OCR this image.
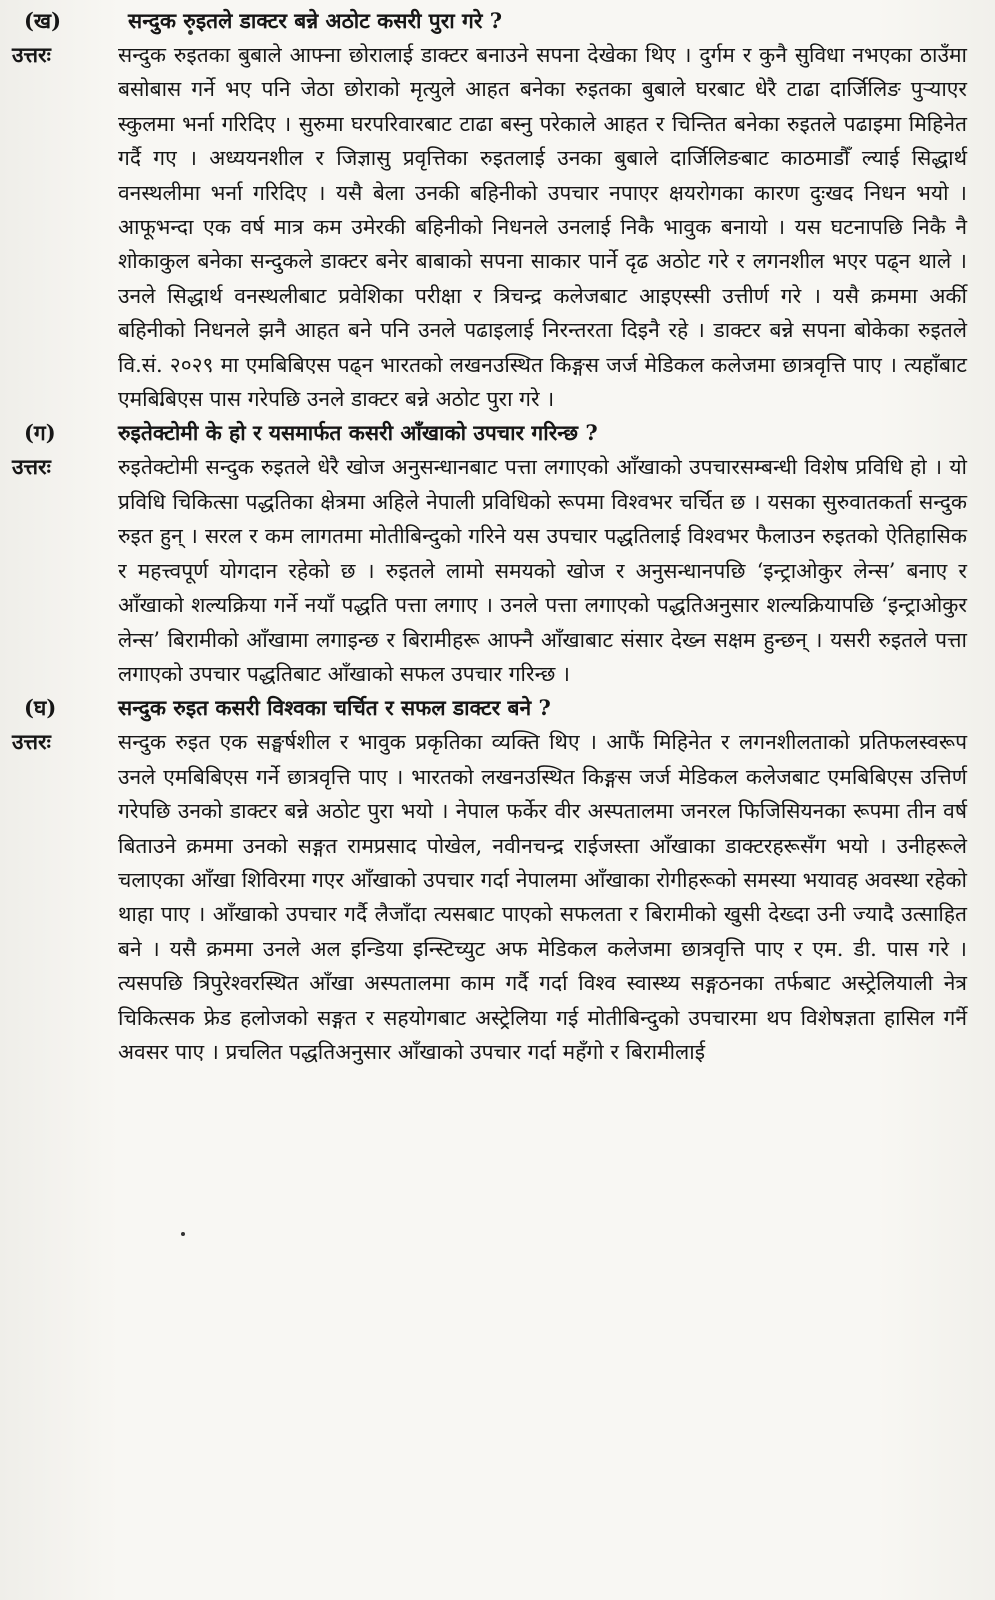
(ख)	सन्दुक रुइतले डाक्टर बन्ने अठोट कसरी पुरा गरे ?
उत्तरः	सन्दुक रुइतका बुबाले आफ्ना छोरालाई डाक्टर बनाउने सपना देखेका थिए । दुर्गम र कुनै सुविधा नभएका ठाउँमा बसोबास गर्ने भए पनि जेठा छोराको मृत्युले आहत बनेका रुइतका बुबाले घरबाट धेरै टाढा दार्जिलिङ पुऱ्याएर स्कुलमा भर्ना गरिदिए । सुरुमा घरपरिवारबाट टाढा बस्नु परेकाले आहत र चिन्तित बनेका रुइतले पढाइमा मिहिनेत गर्दै गए । अध्ययनशील र जिज्ञासु प्रवृत्तिका रुइतलाई उनका बुबाले दार्जिलिङबाट काठमाडौँ ल्याई सिद्धार्थ वनस्थलीमा भर्ना गरिदिए । यसै बेला उनकी बहिनीको उपचार नपाएर क्षयरोगका कारण दुःखद निधन भयो । आफूभन्दा एक वर्ष मात्र कम उमेरकी बहिनीको निधनले उनलाई निकै भावुक बनायो । यस घटनापछि निकै नै शोकाकुल बनेका सन्दुकले डाक्टर बनेर बाबाको सपना साकार पार्ने दृढ अठोट गरे र लगनशील भएर पढ्न थाले । उनले सिद्धार्थ वनस्थलीबाट प्रवेशिका परीक्षा र त्रिचन्द्र कलेजबाट आइएस्सी उत्तीर्ण गरे । यसै क्रममा अर्की बहिनीको निधनले झनै आहत बने पनि उनले पढाइलाई निरन्तरता दिइनै रहे । डाक्टर बन्ने सपना बोकेका रुइतले वि.सं. २०२९ मा एमबिबिएस पढ्न भारतको लखनउस्थित किङ्गस जर्ज मेडिकल कलेजमा छात्रवृत्ति पाए । त्यहाँबाट एमबिबिएस पास गरेपछि उनले डाक्टर बन्ने अठोट पुरा गरे ।
(ग)	रुइतेक्टोमी के हो र यसमार्फत कसरी आँखाको उपचार गरिन्छ ?
उत्तरः	रुइतेक्टोमी सन्दुक रुइतले धेरै खोज अनुसन्धानबाट पत्ता लगाएको आँखाको उपचारसम्बन्धी विशेष प्रविधि हो । यो प्रविधि चिकित्सा पद्धतिका क्षेत्रमा अहिले नेपाली प्रविधिको रूपमा विश्वभर चर्चित छ । यसका सुरुवातकर्ता सन्दुक रुइत हुन् । सरल र कम लागतमा मोतीबिन्दुको गरिने यस उपचार पद्धतिलाई विश्वभर फैलाउन रुइतको ऐतिहासिक र महत्त्वपूर्ण योगदान रहेको छ । रुइतले लामो समयको खोज र अनुसन्धानपछि ‘इन्ट्राओकुर लेन्स’ बनाए र आँखाको शल्यक्रिया गर्ने नयाँ पद्धति पत्ता लगाए । उनले पत्ता लगाएको पद्धतिअनुसार शल्यक्रियापछि ‘इन्ट्राओकुर लेन्स’ बिरामीको आँखामा लगाइन्छ र बिरामीहरू आफ्नै आँखाबाट संसार देख्न सक्षम हुन्छन् । यसरी रुइतले पत्ता लगाएको उपचार पद्धतिबाट आँखाको सफल उपचार गरिन्छ ।
(घ)	सन्दुक रुइत कसरी विश्वका चर्चित र सफल डाक्टर बने ?
उत्तरः	सन्दुक रुइत एक सङ्घर्षशील र भावुक प्रकृतिका व्यक्ति थिए । आफैं मिहिनेत र लगनशीलताको प्रतिफलस्वरूप उनले एमबिबिएस गर्ने छात्रवृत्ति पाए । भारतको लखनउस्थित किङ्गस जर्ज मेडिकल कलेजबाट एमबिबिएस उत्तिर्ण गरेपछि उनको डाक्टर बन्ने अठोट पुरा भयो । नेपाल फर्केर वीर अस्पतालमा जनरल फिजिसियनका रूपमा तीन वर्ष बिताउने क्रममा उनको सङ्गत रामप्रसाद पोखेल, नवीनचन्द्र राईजस्ता आँखाका डाक्टरहरूसँग भयो । उनीहरूले चलाएका आँखा शिविरमा गएर आँखाको उपचार गर्दा नेपालमा आँखाका रोगीहरूको समस्या भयावह अवस्था रहेको थाहा पाए । आँखाको उपचार गर्दै लैजाँदा त्यसबाट पाएको सफलता र बिरामीको खुसी देख्दा उनी ज्यादै उत्साहित बने । यसै क्रममा उनले अल इन्डिया इन्स्टिच्युट अफ मेडिकल कलेजमा छात्रवृत्ति पाए र एम. डी. पास गरे । त्यसपछि त्रिपुरेश्वरस्थित आँखा अस्पतालमा काम गर्दै गर्दा विश्व स्वास्थ्य सङ्गठनका तर्फबाट अस्ट्रेलियाली नेत्र चिकित्सक फ्रेड हलोजको सङ्गत र सहयोगबाट अस्ट्रेलिया गई मोतीबिन्दुको उपचारमा थप विशेषज्ञता हासिल गर्ने अवसर पाए । प्रचलित पद्धतिअनुसार आँखाको उपचार गर्दा महँगो र बिरामीलाई
